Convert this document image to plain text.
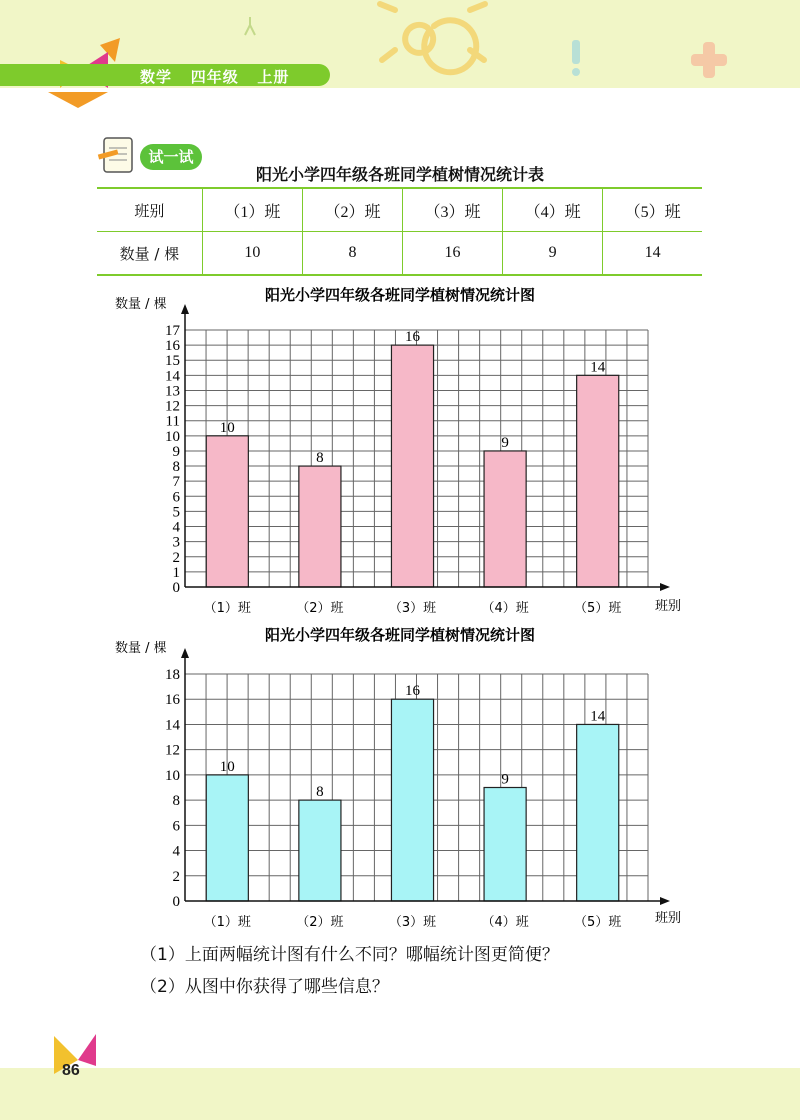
数学 四年级 上册
试一试
阳光小学四年级各班同学植树情况统计表
班别	（1）班	（2）班	（3）班	（4）班	（5）班
数量 / 棵	10	8	16	9	14
阳光小学四年级各班同学植树情况统计图
数量 / 棵
10
（1）班
8
（2）班
16
（3）班
9
（4）班
14
（5）班
0
1
2
3
4
5
6
7
8
9
10
11
12
13
14
15
16
17
班别
阳光小学四年级各班同学植树情况统计图
数量 / 棵
10
（1）班
8
（2）班
16
（3）班
9
（4）班
14
（5）班
0
2
4
6
8
10
12
14
16
18
班别
（1）上面两幅统计图有什么不同？哪幅统计图更简便？
（2）从图中你获得了哪些信息？
86
